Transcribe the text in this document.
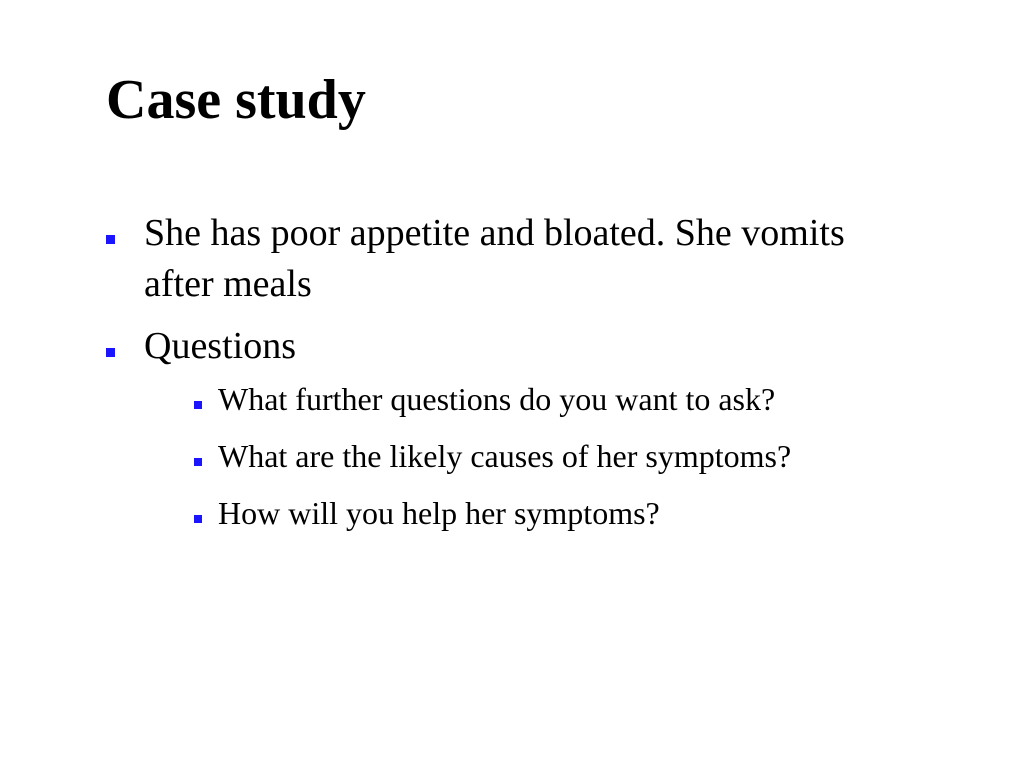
Case study
She has poor appetite and bloated. She vomits after meals
Questions
What further questions do you want to ask?
What are the likely causes of her symptoms?
How will you help her symptoms?
